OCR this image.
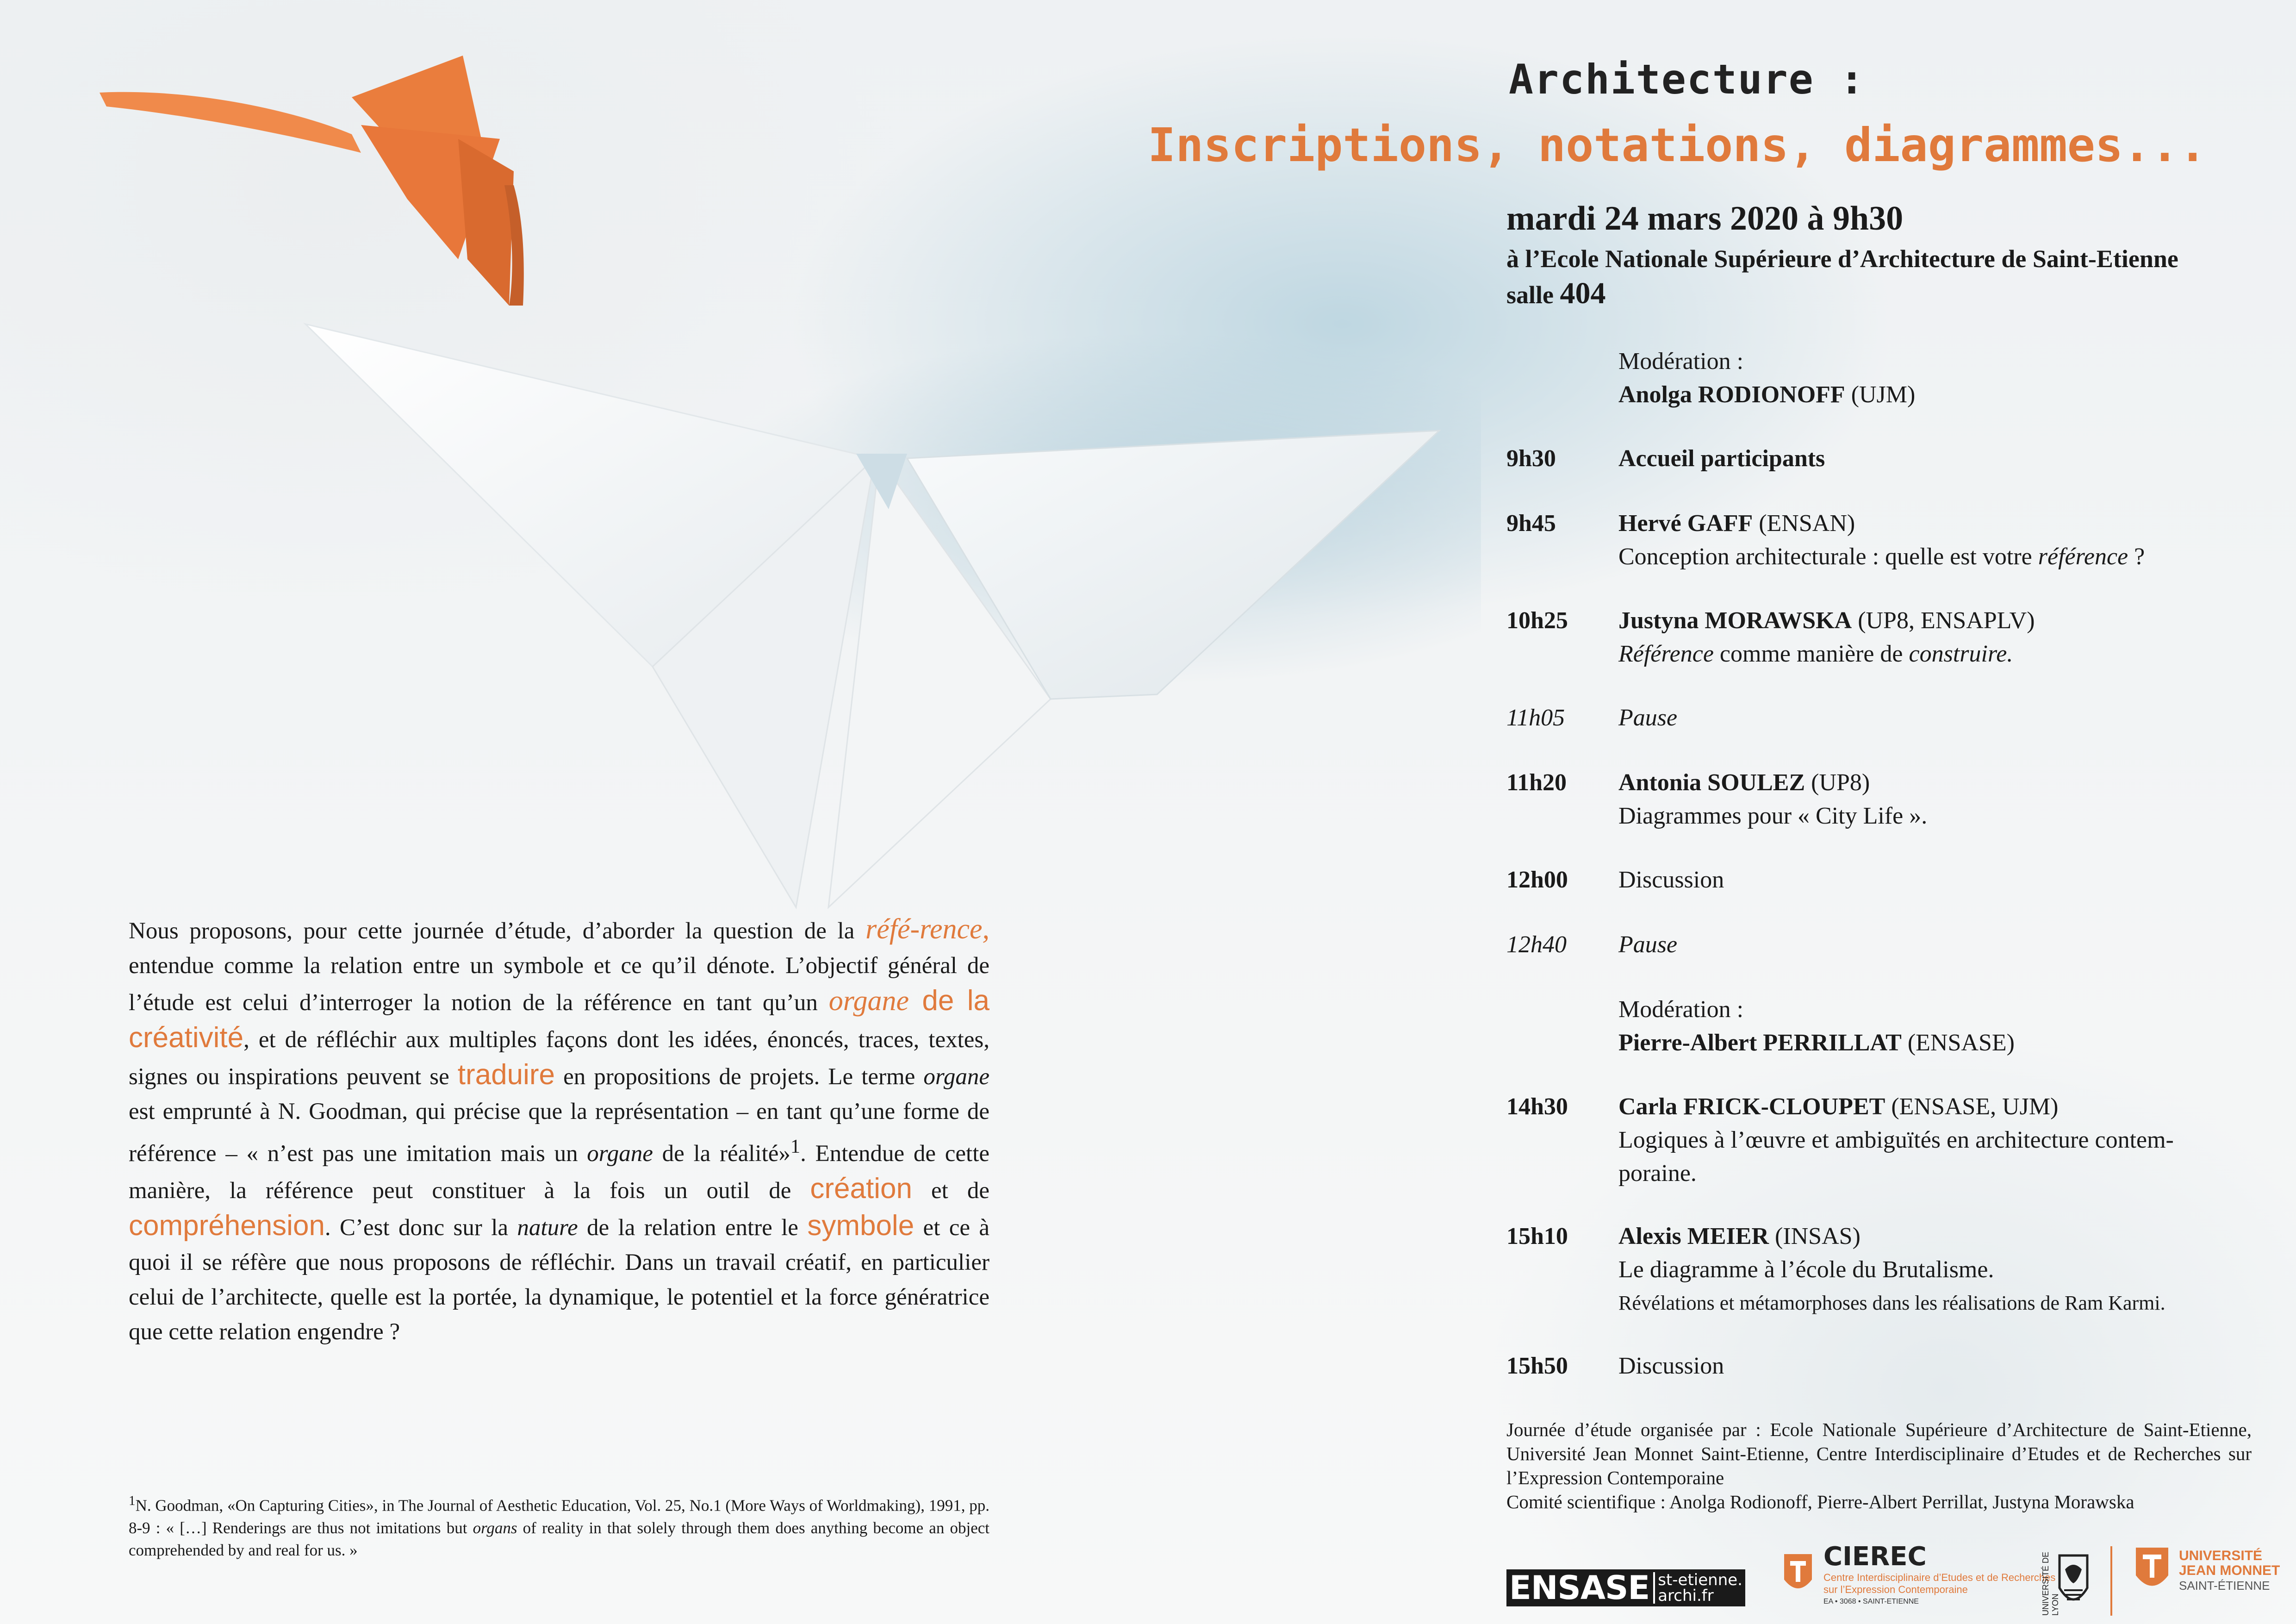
Architecture :
Inscriptions, notations, diagrammes...
mardi 24 mars 2020 à 9h30
à l’Ecole Nationale Supérieure d’Architecture de Saint-Etienne
salle 404
Modération :
Anolga RODIONOFF (UJM)
9h30	Accueil participants
9h45	Hervé GAFF (ENSAN)
Conception architecturale : quelle est votre référence ?
10h25 Justyna MORAWSKA (UP8, ENSAPLV)
Référence comme manière de construire.
11h05 Pause
11h20 Antonia SOULEZ (UP8)
Diagrammes pour « City Life ».
12h00 Discussion
12h40 Pause
Modération :
Pierre-Albert PERRILLAT (ENSASE)
14h30 Carla FRICK-CLOUPET (ENSASE, UJM)
Logiques à l’œuvre et ambiguïtés en architecture contem-
poraine.
15h10 Alexis MEIER (INSAS)
Le diagramme à l’école du Brutalisme.
Révélations et métamorphoses dans les réalisations de Ram Karmi.
15h50 Discussion
Nous proposons, pour cette journée d’étude, d’aborder la question de la réfé-rence, entendue comme la relation entre un symbole et ce qu’il dénote. L’objectif général de l’étude est celui d’interroger la notion de la référence en tant qu’un organe de la créativité, et de réfléchir aux multiples façons dont les idées, énoncés, traces, textes, signes ou inspirations peuvent se traduire en propositions de projets. Le terme organe est emprunté à N. Goodman, qui précise que la représentation – en tant qu’une forme de référence – « n’est pas une imitation mais un organe de la réalité»$^1$. Entendue de cette manière, la référence peut constituer à la fois un outil de création et de compréhension. C’est donc sur la nature de la relation entre le symbole et ce à quoi il se réfère que nous proposons de réfléchir. Dans un travail créatif, en particulier celui de l’architecte, quelle est la portée, la dynamique, le potentiel et la force génératrice que cette relation engendre ?
$^1$N. Goodman, «On Capturing Cities», in The Journal of Aesthetic Education, Vol. 25, No.1 (More Ways of Worldmaking), 1991, pp. 8-9 : « […] Renderings are thus not imitations but organs of reality in that solely through them does anything become an object comprehended by and real for us. »
Journée d’étude organisée par : Ecole Nationale Supérieure d’Architecture de Saint-Etienne, Université Jean Monnet Saint-Etienne, Centre Interdisciplinaire d’Etudes et de Recherches sur l’Expression Contemporaine
Comité scientifique : Anolga Rodionoff, Pierre-Albert Perrillat, Justyna Morawska
ENSASE st-etienne.
archi.fr
CIEREC
Centre Interdisciplinaire d’Etudes et de Recherches
sur l’Expression Contemporaine
EA • 3068 • SAINT-ETIENNE	UNIVERSITÉ DE LYON
UNIVERSITÉ
JEAN MONNET
SAINT-ÉTIENNE
